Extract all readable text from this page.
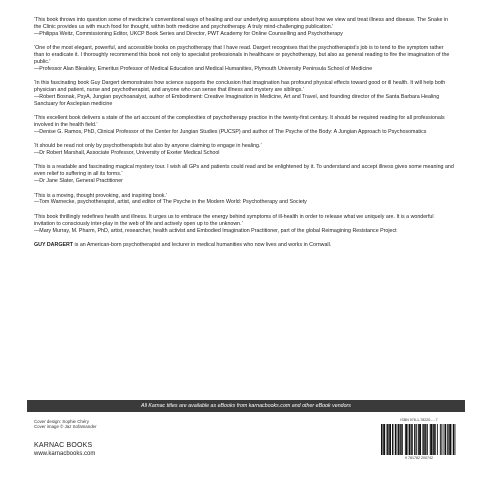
‘This book throws into question some of medicine’s conventional ways of healing and our underlying assumptions about how we view and treat illness and disease. The Snake in the Clinic provides us with much food for thought, within both medicine and psychotherapy. A truly mind-challenging publication.’

—Philippa Weitz, Commissioning Editor, UKCP Book Series and Director, PWT Academy for Online Counselling and Psychotherapy

‘One of the most elegant, powerful, and accessible books on psychotherapy that I have read. Dargert recognises that the psychotherapist’s job is to tend to the symptom rather than to eradicate it. I thoroughly recommend this book not only to specialist professionals in healthcare or psychotherapy, but also as general reading to fire the imagination of the public.’

—Professor Alan Bleakley, Emeritus Professor of Medical Education and Medical Humanities, Plymouth University Peninsula School of Medicine

‘In this fascinating book Guy Dargert demonstrates how science supports the conclusion that imagination has profound physical effects toward good or ill health. It will help both physician and patient, nurse and psychotherapist, and anyone who can sense that illness and mystery are siblings.’

—Robert Bosnak, PsyA, Jungian psychoanalyst, author of Embodiment: Creative Imagination in Medicine, Art and Travel, and founding director of the Santa Barbara Healing Sanctuary for Asclepian medicine

‘This excellent book delivers a state of the art account of the complexities of psychotherapy practice in the twenty-first century. It should be required reading for all professionals involved in the health field.’

—Denise G. Ramos, PhD, Clinical Professor of the Center for Jungian Studies (PUCSP) and author of The Psyche of the Body: A Jungian Approach to Psychosomatics

‘It should be read not only by psychotherapists but also by anyone claiming to engage in healing.’

—Dr Robert Marshall, Associate Professor, University of Exeter Medical School

‘This is a readable and fascinating magical mystery tour. I wish all GPs and patients could read and be enlightened by it. To understand and accept illness gives some meaning and even relief to suffering in all its forms.’

—Dr Jane Slater, General Practitioner

‘This is a moving, thought provoking, and inspiring book.’

—Tom Warnecke, psychotherapist, artist, and editor of The Psyche in the Modern World: Psychotherapy and Society

‘This book thrillingly redefines health and illness. It urges us to embrace the energy behind symptoms of ill-health in order to release what we uniquely are. It is a wonderful invitation to consciously inter-play in the web of life and actively open up to the unknown.’

—Mary Murray, M. Pharm, PhD, artist, researcher, health activist and Embodied Imagination Practitioner, part of the global Reimagining Resistance Project

GUY DARGERT is an American-born psychotherapist and lecturer in medical humanities who now lives and works in Cornwall.

All Karnac titles are available as eBooks from karnacbooks.com and other eBook vendors
Cover design: Sophie Chéry
Cover image © Jaz Sofamander
KARNAC BOOKS
www.karnacbooks.com
ISBN 978-1-78220-...-7
9 781782 200742
